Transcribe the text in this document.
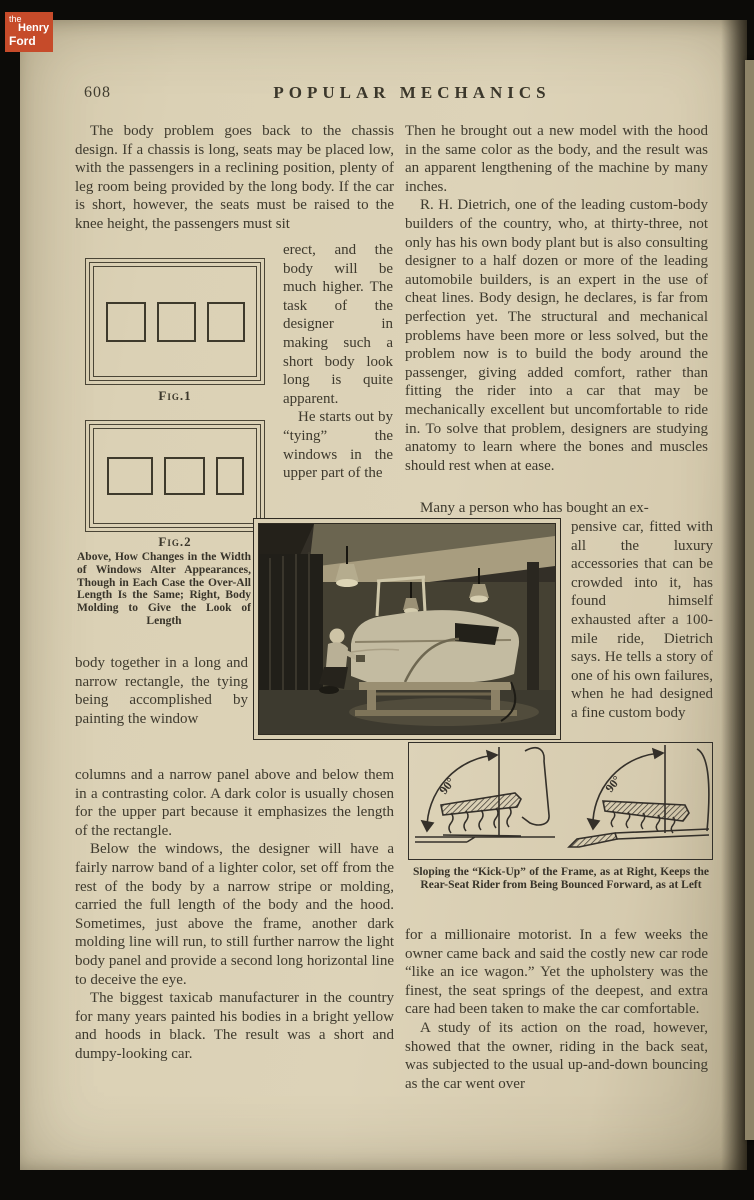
the
Henry
Ford
608	POPULAR MECHANICS

The body problem goes back to the chassis design. If a chassis is long, seats may be placed low, with the passengers in a reclining position, plenty of leg room being provided by the long body. If the car is short, however, the seats must be raised to the knee height, the passengers must sit

Fig.1
Fig.2
Above, How Changes in the Width of Windows Alter Appearances, Though in Each Case the Over-All Length Is the Same; Right, Body Molding to Give the Look of Length

erect, and the body will be much higher. The task of the designer in making such a short body look long is quite apparent.

He starts out by “tying” the windows in the upper part of the

body together in a long and narrow rectangle, the tying being accomplished by painting the window

columns and a narrow panel above and below them in a contrasting color. A dark color is usually chosen for the upper part because it emphasizes the length of the rectangle.

Below the windows, the designer will have a fairly narrow band of a lighter color, set off from the rest of the body by a narrow stripe or molding, carried the full length of the body and the hood. Sometimes, just above the frame, another dark molding line will run, to still further narrow the light body panel and provide a second long horizontal line to deceive the eye.

The biggest taxicab manufacturer in the country for many years painted his bodies in a bright yellow and hoods in black. The result was a short and dumpy-looking car.

Then he brought out a new model with the hood in the same color as the body, and the result was an apparent lengthening of the machine by many inches.

R. H. Dietrich, one of the leading custom-body builders of the country, who, at thirty-three, not only has his own body plant but is also consulting designer to a half dozen or more of the leading automobile builders, is an expert in the use of cheat lines. Body design, he declares, is far from perfection yet. The structural and mechanical problems have been more or less solved, but the problem now is to build the body around the passenger, giving added comfort, rather than fitting the rider into a car that may be mechanically excellent but uncomfortable to ride in. To solve that problem, designers are studying anatomy to learn where the bones and muscles should rest when at ease.

Many a person who has bought an ex-

pensive car, fitted with all the luxury accessories that can be crowded into it, has found himself exhausted after a 100-mile ride, Dietrich says. He tells a story of one of his own failures, when he had designed a fine custom body

90°	90°
Sloping the “Kick-Up” of the Frame, as at Right, Keeps the Rear-Seat Rider from Being Bounced Forward, as at Left

for a millionaire motorist. In a few weeks the owner came back and said the costly new car rode “like an ice wagon.” Yet the upholstery was the finest, the seat springs of the deepest, and extra care had been taken to make the car comfortable.

A study of its action on the road, however, showed that the owner, riding in the back seat, was subjected to the usual up-and-down bouncing as the car went over
